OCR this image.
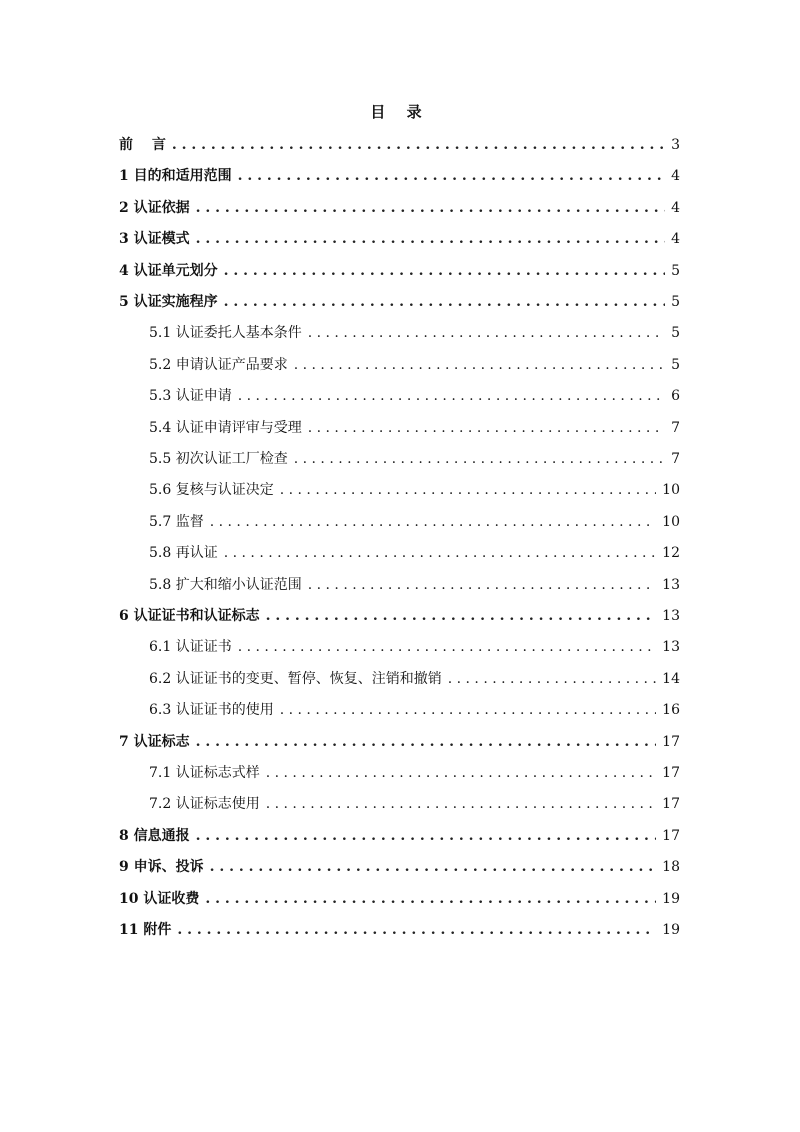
目 录
前　 言 . . .	3
1 目的和适用范围 . . .	4
2 认证依据 . . .	4
3 认证模式 . . .	4
4 认证单元划分 . . .	5
5 认证实施程序 . . .	5
5.1 认证委托人基本条件 . . .	5
5.2 申请认证产品要求 . . .	5
5.3 认证申请 . . .	6
5.4 认证申请评审与受理 . . .	7
5.5 初次认证工厂检查 . . .	7
5.6 复核与认证决定 . . .	10
5.7 监督 . . .	10
5.8 再认证 . . .	12
5.8 扩大和缩小认证范围 . . .	13
6 认证证书和认证标志 . . .	13
6.1 认证证书 . . .	13
6.2 认证证书的变更、暂停、恢复、注销和撤销 . . .	14
6.3 认证证书的使用 . . .	16
7 认证标志 . . .	17
7.1 认证标志式样 . . .	17
7.2 认证标志使用 . . .	17
8 信息通报 . . .	17
9 申诉、投诉 . . .	18
10 认证收费 . . .	19
11 附件 . . .	19
